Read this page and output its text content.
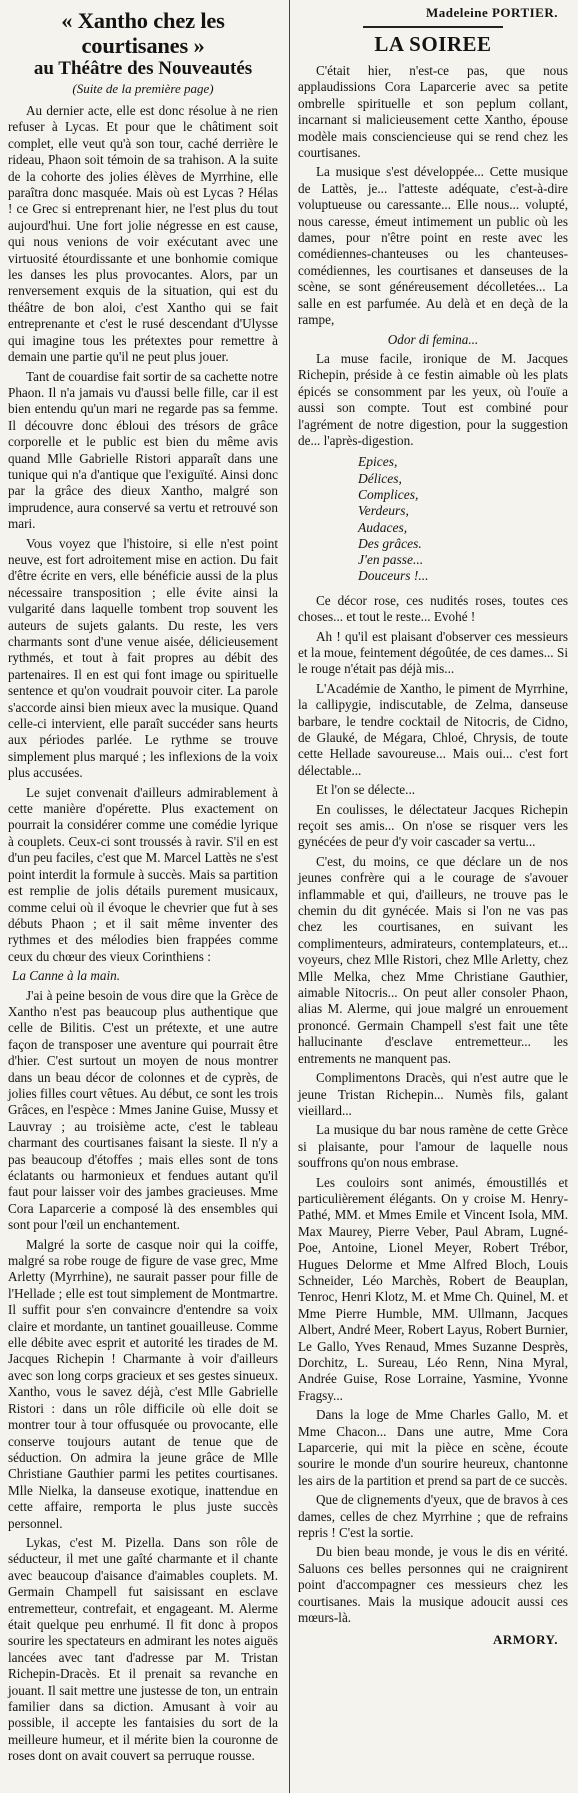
« Xantho chez les courtisanes »
au Théâtre des Nouveautés
(Suite de la première page)

Au dernier acte, elle est donc résolue à ne rien refuser à Lycas. Et pour que le châtiment soit complet, elle veut qu'à son tour, caché derrière le rideau, Phaon soit témoin de sa trahison. A la suite de la cohorte des jolies élèves de Myrrhine, elle paraîtra donc masquée. Mais où est Lycas ? Hélas ! ce Grec si entreprenant hier, ne l'est plus du tout aujourd'hui. Une fort jolie négresse en est cause, qui nous venions de voir exécutant avec une virtuosité étourdissante et une bonhomie comique les danses les plus provocantes. Alors, par un renversement exquis de la situation, qui est du théâtre de bon aloi, c'est Xantho qui se fait entreprenante et c'est le rusé descendant d'Ulysse qui imagine tous les prétextes pour remettre à demain une partie qu'il ne peut plus jouer.

Tant de couardise fait sortir de sa cachette notre Phaon. Il n'a jamais vu d'aussi belle fille, car il est bien entendu qu'un mari ne regarde pas sa femme. Il découvre donc ébloui des trésors de grâce corporelle et le public est bien du même avis quand Mlle Gabrielle Ristori apparaît dans une tunique qui n'a d'antique que l'exiguïté. Ainsi donc par la grâce des dieux Xantho, malgré son imprudence, aura conservé sa vertu et retrouvé son mari.

Vous voyez que l'histoire, si elle n'est point neuve, est fort adroitement mise en action. Du fait d'être écrite en vers, elle bénéficie aussi de la plus nécessaire transposition ; elle évite ainsi la vulgarité dans laquelle tombent trop souvent les auteurs de sujets galants. Du reste, les vers charmants sont d'une venue aisée, délicieusement rythmés, et tout à fait propres au débit des partenaires. Il en est qui font image ou spirituelle sentence et qu'on voudrait pouvoir citer. La parole s'accorde ainsi bien mieux avec la musique. Quand celle-ci intervient, elle paraît succéder sans heurts aux périodes parlée. Le rythme se trouve simplement plus marqué ; les inflexions de la voix plus accusées.

Le sujet convenait d'ailleurs admirablement à cette manière d'opérette. Plus exactement on pourrait la considérer comme une comédie lyrique à couplets. Ceux-ci sont troussés à ravir. S'il en est d'un peu faciles, c'est que M. Marcel Lattès ne s'est point interdit la formule à succès. Mais sa partition est remplie de jolis détails purement musicaux, comme celui où il évoque le chevrier que fut à ses débuts Phaon ; et il sait même inventer des rythmes et des mélodies bien frappées comme ceux du chœur des vieux Corinthiens :

La Canne à la main.

J'ai à peine besoin de vous dire que la Grèce de Xantho n'est pas beaucoup plus authentique que celle de Bilitis. C'est un prétexte, et une autre façon de transposer une aventure qui pourrait être d'hier. C'est surtout un moyen de nous montrer dans un beau décor de colonnes et de cyprès, de jolies filles court vêtues. Au début, ce sont les trois Grâces, en l'espèce : Mmes Janine Guise, Mussy et Lauvray ; au troisième acte, c'est le tableau charmant des courtisanes faisant la sieste. Il n'y a pas beaucoup d'étoffes ; mais elles sont de tons éclatants ou harmonieux et fendues autant qu'il faut pour laisser voir des jambes gracieuses. Mme Cora Laparcerie a composé là des ensembles qui sont pour l'œil un enchantement.

Malgré la sorte de casque noir qui la coiffe, malgré sa robe rouge de figure de vase grec, Mme Arletty (Myrrhine), ne saurait passer pour fille de l'Hellade ; elle est tout simplement de Montmartre. Il suffit pour s'en convaincre d'entendre sa voix claire et mordante, un tantinet gouailleuse. Comme elle débite avec esprit et autorité les tirades de M. Jacques Richepin ! Charmante à voir d'ailleurs avec son long corps gracieux et ses gestes sinueux. Xantho, vous le savez déjà, c'est Mlle Gabrielle Ristori : dans un rôle difficile où elle doit se montrer tour à tour offusquée ou provocante, elle conserve toujours autant de tenue que de séduction. On admira la jeune grâce de Mlle Christiane Gauthier parmi les petites courtisanes. Mlle Nielka, la danseuse exotique, inattendue en cette affaire, remporta le plus juste succès personnel.

Lykas, c'est M. Pizella. Dans son rôle de séducteur, il met une gaîté charmante et il chante avec beaucoup d'aisance d'aimables couplets. M. Germain Champell fut saisissant en esclave entremetteur, contrefait, et engageant. M. Alerme était quelque peu enrhumé. Il fit donc à propos sourire les spectateurs en admirant les notes aiguës lancées avec tant d'adresse par M. Tristan Richepin-Dracès. Et il prenait sa revanche en jouant. Il sait mettre une justesse de ton, un entrain familier dans sa diction. Amusant à voir au possible, il accepte les fantaisies du sort de la meilleure humeur, et il mérite bien la couronne de roses dont on avait couvert sa perruque rousse.

Madeleine PORTIER.
LA SOIREE

C'était hier, n'est-ce pas, que nous applaudissions Cora Laparcerie avec sa petite ombrelle spirituelle et son peplum collant, incarnant si malicieusement cette Xantho, épouse modèle mais consciencieuse qui se rend chez les courtisanes.

La musique s'est développée... Cette musique de Lattès, je... l'atteste adéquate, c'est-à-dire voluptueuse ou caressante... Elle nous... volupté, nous caresse, émeut intimement un public où les dames, pour n'être point en reste avec les comédiennes-chanteuses ou les chanteuses-comédiennes, les courtisanes et danseuses de la scène, se sont généreusement décolletées... La salle en est parfumée. Au delà et en deçà de la rampe,

Odor di femina...

La muse facile, ironique de M. Jacques Richepin, préside à ce festin aimable où les plats épicés se consomment par les yeux, où l'ouïe a aussi son compte. Tout est combiné pour l'agrément de notre digestion, pour la suggestion de... l'après-digestion.

Epices,
Délices,
Complices,
Verdeurs,
Audaces,
Des grâces.
J'en passe...
Douceurs !...

Ce décor rose, ces nudités roses, toutes ces choses... et tout le reste... Evohé !

Ah ! qu'il est plaisant d'observer ces messieurs et la moue, feintement dégoûtée, de ces dames... Si le rouge n'était pas déjà mis...

L'Académie de Xantho, le piment de Myrrhine, la callipygie, indiscutable, de Zelma, danseuse barbare, le tendre cocktail de Nitocris, de Cidno, de Glauké, de Mégara, Chloé, Chrysis, de toute cette Hellade savoureuse... Mais oui... c'est fort délectable...

Et l'on se délecte...

En coulisses, le délectateur Jacques Richepin reçoit ses amis... On n'ose se risquer vers les gynécées de peur d'y voir cascader sa vertu...

C'est, du moins, ce que déclare un de nos jeunes confrère qui a le courage de s'avouer inflammable et qui, d'ailleurs, ne trouve pas le chemin du dit gynécée. Mais si l'on ne vas pas chez les courtisanes, en suivant les complimenteurs, admirateurs, contemplateurs, et... voyeurs, chez Mlle Ristori, chez Mlle Arletty, chez Mlle Melka, chez Mme Christiane Gauthier, aimable Nitocris... On peut aller consoler Phaon, alias M. Alerme, qui joue malgré un enrouement prononcé. Germain Champell s'est fait une tête hallucinante d'esclave entremetteur... les entrements ne manquent pas.

Complimentons Dracès, qui n'est autre que le jeune Tristan Richepin... Numès fils, galant vieillard...

La musique du bar nous ramène de cette Grèce si plaisante, pour l'amour de laquelle nous souffrons qu'on nous embrase.

Les couloirs sont animés, émoustillés et particulièrement élégants. On y croise M. Henry-Pathé, MM. et Mmes Emile et Vincent Isola, MM. Max Maurey, Pierre Veber, Paul Abram, Lugné-Poe, Antoine, Lionel Meyer, Robert Trébor, Hugues Delorme et Mme Alfred Bloch, Louis Schneider, Léo Marchès, Robert de Beauplan, Tenroc, Henri Klotz, M. et Mme Ch. Quinel, M. et Mme Pierre Humble, MM. Ullmann, Jacques Albert, André Meer, Robert Layus, Robert Burnier, Le Gallo, Yves Renaud, Mmes Suzanne Desprès, Dorchitz, L. Sureau, Léo Renn, Nina Myral, Andrée Guise, Rose Lorraine, Yasmine, Yvonne Fragsy...

Dans la loge de Mme Charles Gallo, M. et Mme Chacon... Dans une autre, Mme Cora Laparcerie, qui mit la pièce en scène, écoute sourire le monde d'un sourire heureux, chantonne les airs de la partition et prend sa part de ce succès.

Que de clignements d'yeux, que de bravos à ces dames, celles de chez Myrrhine ; que de refrains repris ! C'est la sortie.

Du bien beau monde, je vous le dis en vérité. Saluons ces belles personnes qui ne craignirent point d'accompagner ces messieurs chez les courtisanes. Mais la musique adoucit aussi ces mœurs-là.

ARMORY.
